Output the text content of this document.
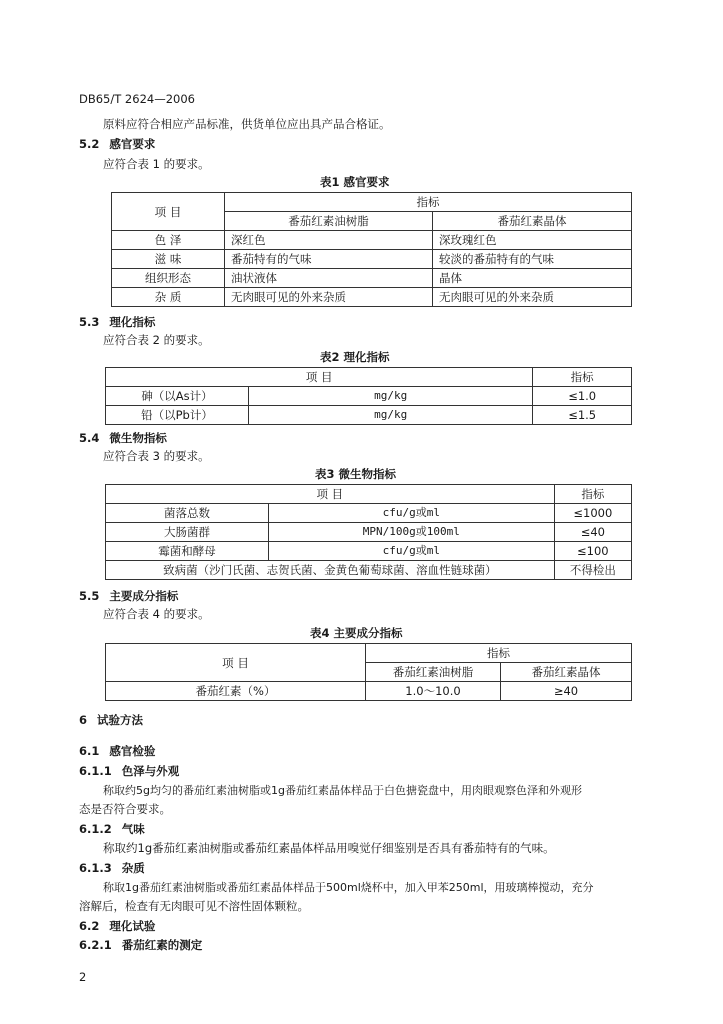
DB65/T 2624—2006
原料应符合相应产品标准，供货单位应出具产品合格证。
5.2 感官要求
应符合表 1 的要求。
表1 感官要求
项 目	指标	
	番茄红素油树脂	番茄红素晶体
色 泽	深红色	深玫瑰红色
滋 味	番茄特有的气味	较淡的番茄特有的气味
组织形态	油状液体	晶体
杂 质	无肉眼可见的外来杂质	无肉眼可见的外来杂质
5.3 理化指标
应符合表 2 的要求。
表2 理化指标
项 目		指标
砷（以As计）	mg/kg	≤1.0
铅（以Pb计）	mg/kg	≤1.5
5.4 微生物指标
应符合表 3 的要求。
表3 微生物指标
项 目		指标
菌落总数	cfu/g或ml	≤1000
大肠菌群	MPN/100g或100ml	≤40
霉菌和酵母	cfu/g或ml	≤100
致病菌（沙门氏菌、志贺氏菌、金黄色葡萄球菌、溶血性链球菌）		不得检出
5.5 主要成分指标
应符合表 4 的要求。
表4 主要成分指标
项 目	指标	
	番茄红素油树脂	番茄红素晶体
番茄红素（%）	1.0～10.0	≥40
6 试验方法
6.1 感官检验
6.1.1 色泽与外观
称取约5g均匀的番茄红素油树脂或1g番茄红素晶体样品于白色搪瓷盘中，用肉眼观察色泽和外观形
态是否符合要求。
6.1.2 气味
称取约1g番茄红素油树脂或番茄红素晶体样品用嗅觉仔细鉴别是否具有番茄特有的气味。
6.1.3 杂质
称取1g番茄红素油树脂或番茄红素晶体样品于500ml烧杯中，加入甲苯250ml，用玻璃棒搅动，充分
溶解后，检查有无肉眼可见不溶性固体颗粒。
6.2 理化试验
6.2.1 番茄红素的测定
2
